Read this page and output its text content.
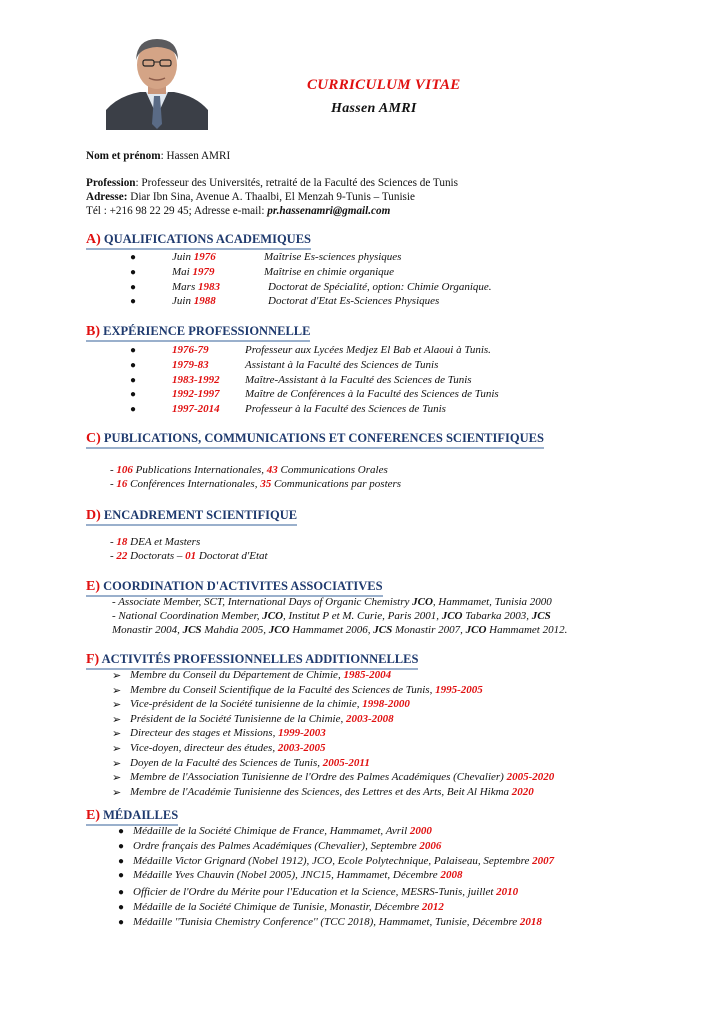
CURRICULUM VITAE
Hassen AMRI
Nom et prénom: Hassen AMRI
Profession: Professeur des Universités, retraité de la Faculté des Sciences de Tunis
Adresse: Diar Ibn Sina, Avenue A. Thaalbi, El Menzah 9-Tunis – Tunisie
Tél : +216 98 22 29 45; Adresse e-mail: pr.hassenamri@gmail.com
A) QUALIFICATIONS ACADEMIQUES
●	Juin 1976	Maîtrise Es-sciences physiques
●	Mai 1979	Maîtrise en chimie organique
●	Mars 1983	Doctorat de Spécialité, option: Chimie Organique.
●	Juin 1988	Doctorat d'Etat Es-Sciences Physiques
B) EXPÉRIENCE PROFESSIONNELLE
●	1976-79	Professeur aux Lycées Medjez El Bab et Alaoui à Tunis.
●	1979-83	Assistant à la Faculté des Sciences de Tunis
●	1983-1992 Maître-Assistant à la Faculté des Sciences de Tunis
●	1992-1997 Maître de Conférences à la Faculté des Sciences de Tunis
●	1997-2014 Professeur à la Faculté des Sciences de Tunis
C) PUBLICATIONS, COMMUNICATIONS ET CONFERENCES SCIENTIFIQUES
- 106 Publications Internationales, 43 Communications Orales
- 16 Conférences Internationales, 35 Communications par posters
D) ENCADREMENT SCIENTIFIQUE
- 18 DEA et Masters
- 22 Doctorats – 01 Doctorat d'Etat
E) COORDINATION D'ACTIVITES ASSOCIATIVES
- Associate Member, SCT, International Days of Organic Chemistry JCO, Hammamet, Tunisia 2000
- National Coordination Member, JCO, Institut P et M. Curie, Paris 2001, JCO Tabarka 2003, JCS
Monastir 2004, JCS Mahdia 2005, JCO Hammamet 2006, JCS Monastir 2007, JCO Hammamet 2012.
F) ACTIVITÉS PROFESSIONNELLES ADDITIONNELLES
➢ Membre du Conseil du Département de Chimie, 1985-2004
➢ Membre du Conseil Scientifique de la Faculté des Sciences de Tunis, 1995-2005
➢ Vice-président de la Société tunisienne de la chimie, 1998-2000
➢ Président de la Société Tunisienne de la Chimie, 2003-2008
➢ Directeur des stages et Missions, 1999-2003
➢ Vice-doyen, directeur des études, 2003-2005
➢ Doyen de la Faculté des Sciences de Tunis, 2005-2011
➢ Membre de l'Association Tunisienne de l'Ordre des Palmes Académiques (Chevalier) 2005-2020
➢ Membre de l'Académie Tunisienne des Sciences, des Lettres et des Arts, Beit Al Hikma 2020
E) MÉDAILLES
● Médaille de la Société Chimique de France, Hammamet, Avril 2000
● Ordre français des Palmes Académiques (Chevalier), Septembre 2006
● Médaille Victor Grignard (Nobel 1912), JCO, Ecole Polytechnique, Palaiseau, Septembre 2007
● Médaille Yves Chauvin (Nobel 2005), JNC15, Hammamet, Décembre 2008
● Officier de l'Ordre du Mérite pour l'Education et la Science, MESRS-Tunis, juillet 2010
● Médaille de la Société Chimique de Tunisie, Monastir, Décembre 2012
● Médaille ''Tunisia Chemistry Conference'' (TCC 2018), Hammamet, Tunisie, Décembre 2018
